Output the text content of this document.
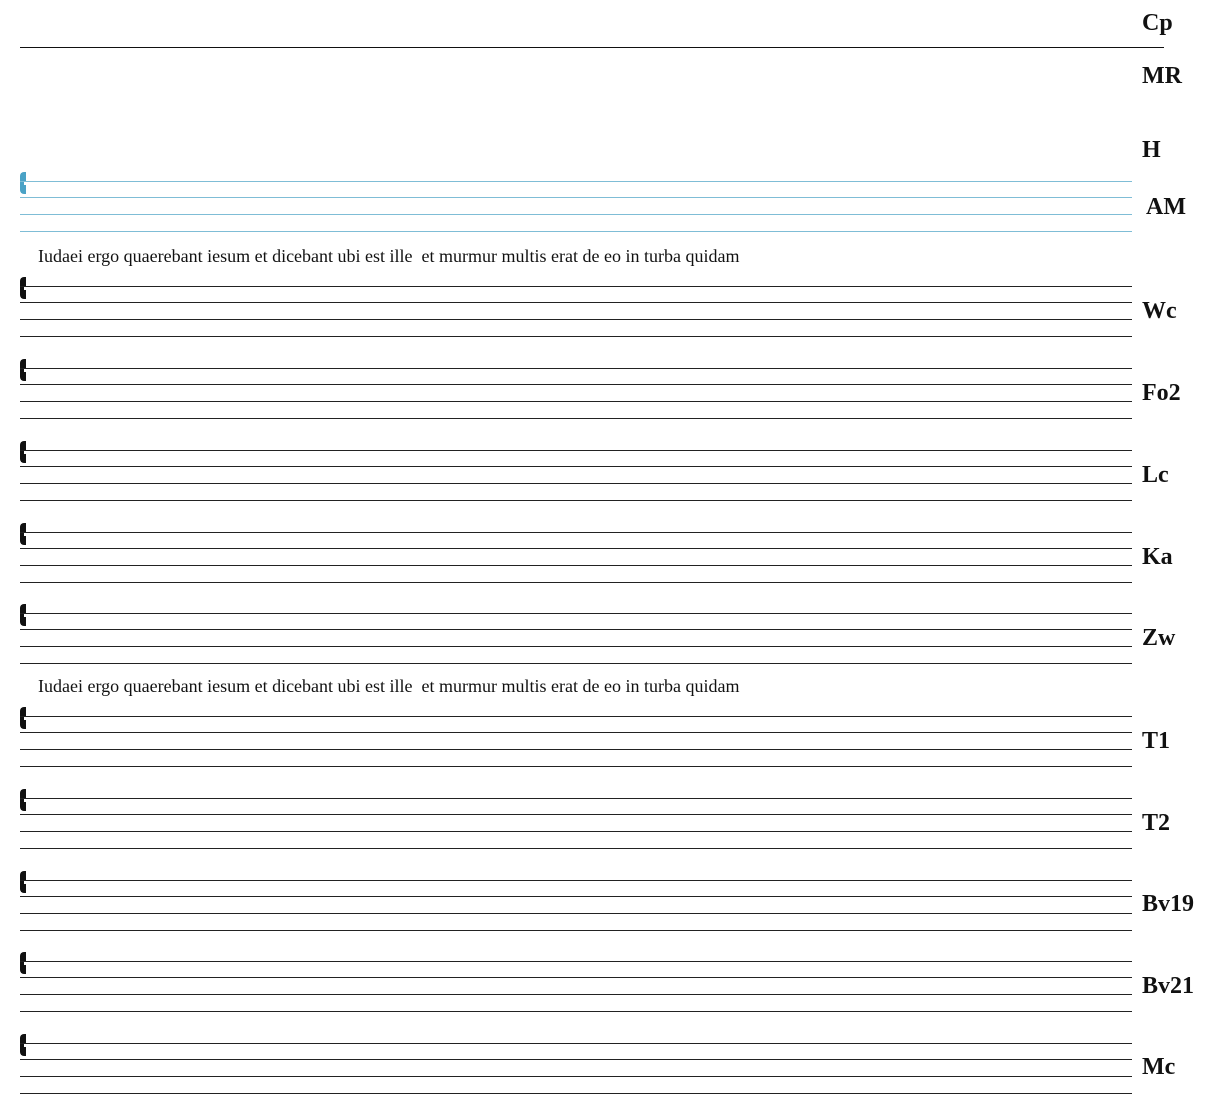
Cp
MR
H
AM
Iudaei ergo quaerebant iesum et dicebant ubi est ille  et murmur multis erat de eo in turba quidam
Wc
Fo2
Lc
Ka
Zw
Iudaei ergo quaerebant iesum et dicebant ubi est ille  et murmur multis erat de eo in turba quidam
T1
T2
Bv19
Bv21
Mc
